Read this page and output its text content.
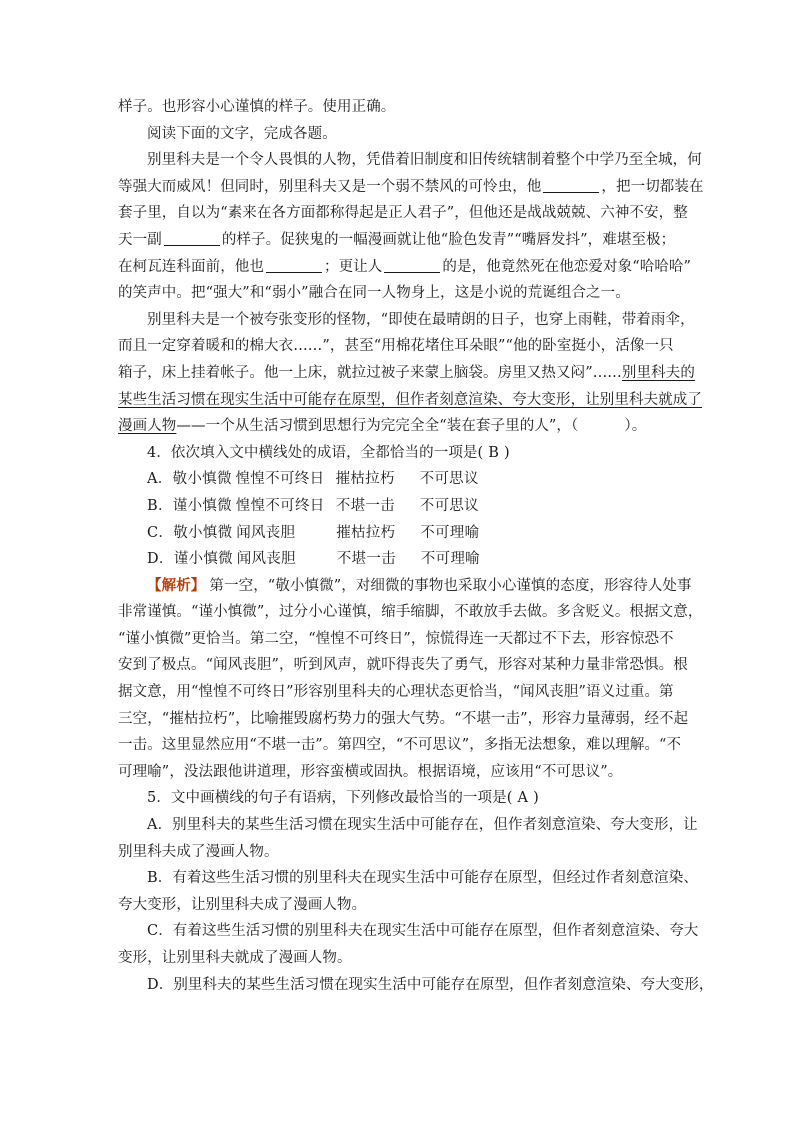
样子。也形容小心谨慎的样子。使用正确。
阅读下面的文字，完成各题。
别里科夫是一个令人畏惧的人物，凭借着旧制度和旧传统辖制着整个中学乃至全城，何
等强大而威风！但同时，别里科夫又是一个弱不禁风的可怜虫，他	，把一切都装在
套子里，自以为“素来在各方面都称得起是正人君子”，但他还是战战兢兢、六神不安，整
天一副	的样子。促狭鬼的一幅漫画就让他“脸色发青”“嘴唇发抖”，难堪至极；
在柯瓦连科面前，他也	；更让人	的是，他竟然死在他恋爱对象“哈哈哈”
的笑声中。把“强大”和“弱小”融合在同一人物身上，这是小说的荒诞组合之一。
别里科夫是一个被夸张变形的怪物，“即使在最晴朗的日子，也穿上雨鞋，带着雨伞，
而且一定穿着暖和的棉大衣……”，甚至“用棉花堵住耳朵眼”“他的卧室挺小，活像一只
箱子，床上挂着帐子。他一上床，就拉过被子来蒙上脑袋。房里又热又闷”……别里科夫的
某些生活习惯在现实生活中可能存在原型，但作者刻意渲染、夸大变形，让别里科夫就成了
漫画人物——一个从生活习惯到思想行为完完全全“装在套子里的人”，（	）。
4．依次填入文中横线处的成语，全都恰当的一项是( B )
A．敬小慎微 惶惶不可终日 摧枯拉朽 不可思议
B．谨小慎微 惶惶不可终日 不堪一击 不可思议
C．敬小慎微 闻风丧胆	摧枯拉朽 不可理喻
D．谨小慎微 闻风丧胆	不堪一击 不可理喻
【解析】 第一空，“敬小慎微”，对细微的事物也采取小心谨慎的态度，形容待人处事
非常谨慎。“谨小慎微”，过分小心谨慎，缩手缩脚，不敢放手去做。多含贬义。根据文意，
“谨小慎微”更恰当。第二空，“惶惶不可终日”，惊慌得连一天都过不下去，形容惊恐不
安到了极点。“闻风丧胆”，听到风声，就吓得丧失了勇气，形容对某种力量非常恐惧。根
据文意，用“惶惶不可终日”形容别里科夫的心理状态更恰当，“闻风丧胆”语义过重。第
三空，“摧枯拉朽”，比喻摧毁腐朽势力的强大气势。“不堪一击”，形容力量薄弱，经不起
一击。这里显然应用“不堪一击”。第四空，“不可思议”，多指无法想象，难以理解。“不
可理喻”，没法跟他讲道理，形容蛮横或固执。根据语境，应该用“不可思议”。
5．文中画横线的句子有语病，下列修改最恰当的一项是( A )
A．别里科夫的某些生活习惯在现实生活中可能存在，但作者刻意渲染、夸大变形，让
别里科夫成了漫画人物。
B．有着这些生活习惯的别里科夫在现实生活中可能存在原型，但经过作者刻意渲染、
夸大变形，让别里科夫成了漫画人物。
C．有着这些生活习惯的别里科夫在现实生活中可能存在原型，但作者刻意渲染、夸大
变形，让别里科夫就成了漫画人物。
D．别里科夫的某些生活习惯在现实生活中可能存在原型，但作者刻意渲染、夸大变形，
